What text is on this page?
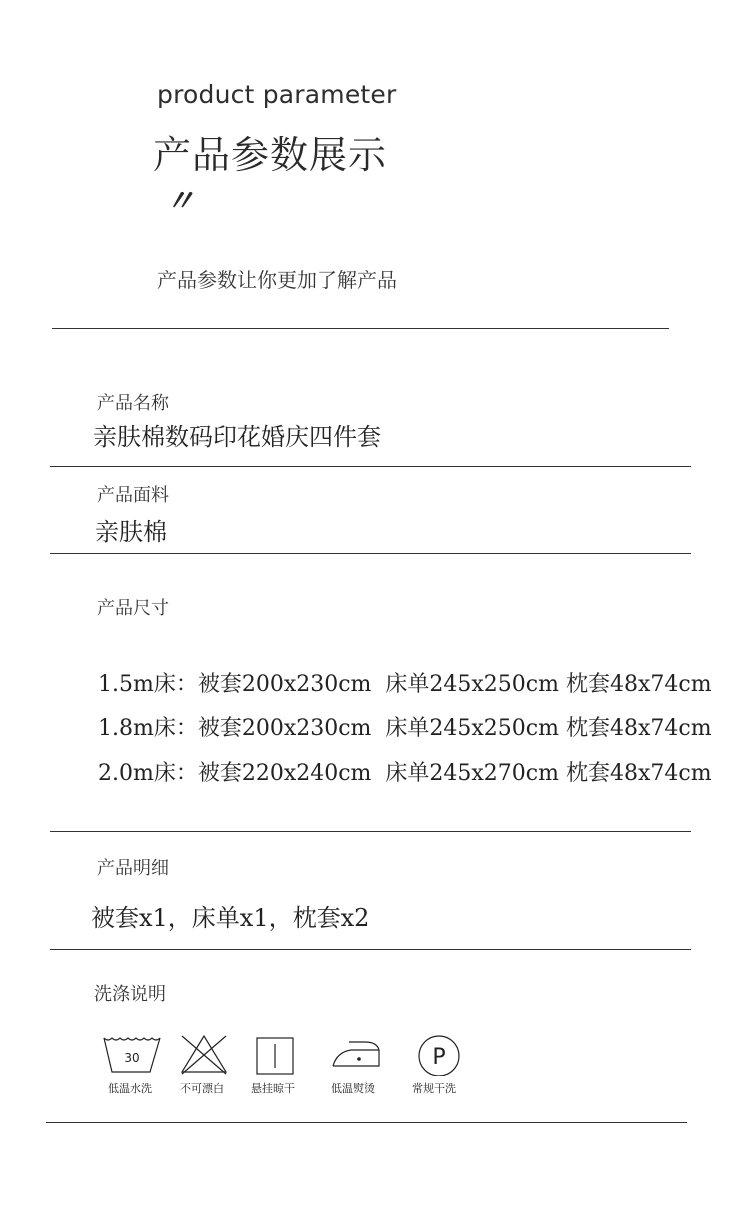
product parameter
产品参数展示
〃
产品参数让你更加了解产品
产品名称
亲肤棉数码印花婚庆四件套
产品面料
亲肤棉
产品尺寸
1.5m床：被套200x230cm  床单245x250cm 枕套48x74cm
1.8m床：被套200x230cm  床单245x250cm 枕套48x74cm
2.0m床：被套220x240cm  床单245x270cm 枕套48x74cm
产品明细
被套x1，床单x1，枕套x2
洗涤说明
30
低温水洗	不可漂白	悬挂晾干	低温熨烫
P
常规干洗
